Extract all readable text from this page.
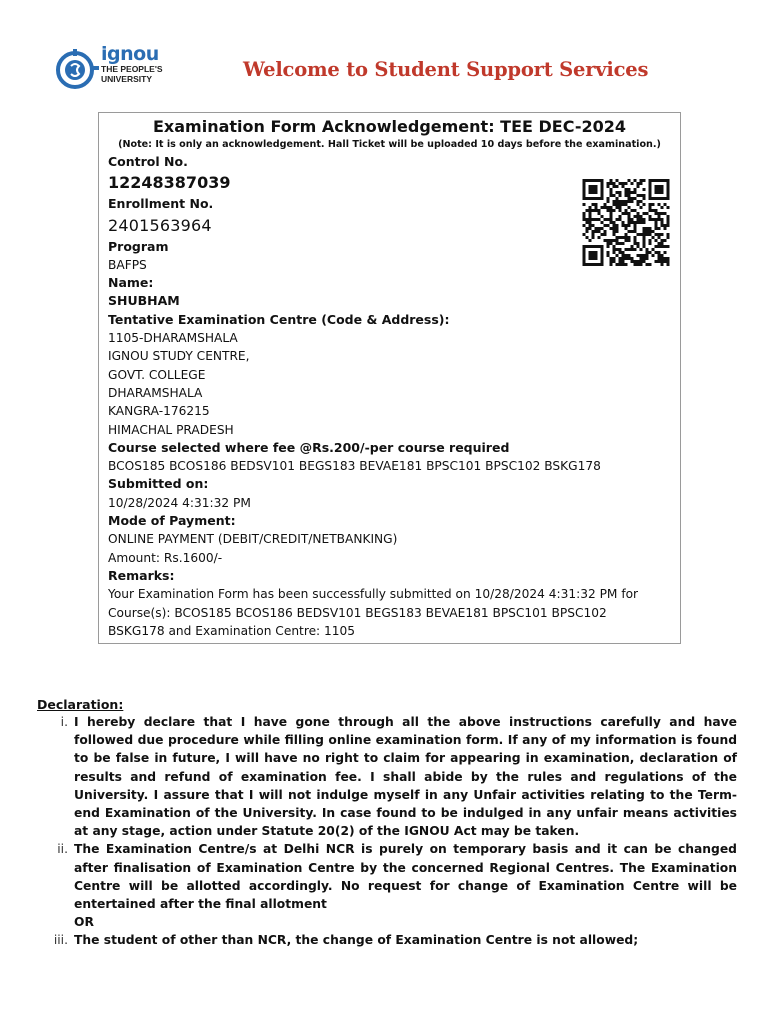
ignou
THE PEOPLE'S
UNIVERSITY	Welcome to Student Support Services
Examination Form Acknowledgement: TEE DEC-2024
(Note: It is only an acknowledgement. Hall Ticket will be uploaded 10 days before the examination.)
Control No.
12248387039
Enrollment No.
2401563964
Program
BAFPS
Name:
SHUBHAM
Tentative Examination Centre (Code & Address):
1105-DHARAMSHALA
IGNOU STUDY CENTRE,
GOVT. COLLEGE
DHARAMSHALA
KANGRA-176215
HIMACHAL PRADESH
Course selected where fee @Rs.200/-per course required
BCOS185 BCOS186 BEDSV101 BEGS183 BEVAE181 BPSC101 BPSC102 BSKG178
Submitted on:
10/28/2024 4:31:32 PM
Mode of Payment:
ONLINE PAYMENT (DEBIT/CREDIT/NETBANKING)
Amount: Rs.1600/-
Remarks:
Your Examination Form has been successfully submitted on 10/28/2024 4:31:32 PM for
Course(s): BCOS185 BCOS186 BEDSV101 BEGS183 BEVAE181 BPSC101 BPSC102
BSKG178 and Examination Centre: 1105
Declaration:
i. I hereby declare that I have gone through all the above instructions carefully and have followed due procedure while filling online examination form. If any of my information is found to be false in future, I will have no right to claim for appearing in examination, declaration of results and refund of examination fee. I shall abide by the rules and regulations of the University. I assure that I will not indulge myself in any Unfair activities relating to the Term-end Examination of the University. In case found to be indulged in any unfair means activities at any stage, action under Statute 20(2) of the IGNOU Act may be taken.
ii. The Examination Centre/s at Delhi NCR is purely on temporary basis and it can be changed after finalisation of Examination Centre by the concerned Regional Centres. The Examination Centre will be allotted accordingly. No request for change of Examination Centre will be entertained after the final allotment
OR
iii. The student of other than NCR, the change of Examination Centre is not allowed;
